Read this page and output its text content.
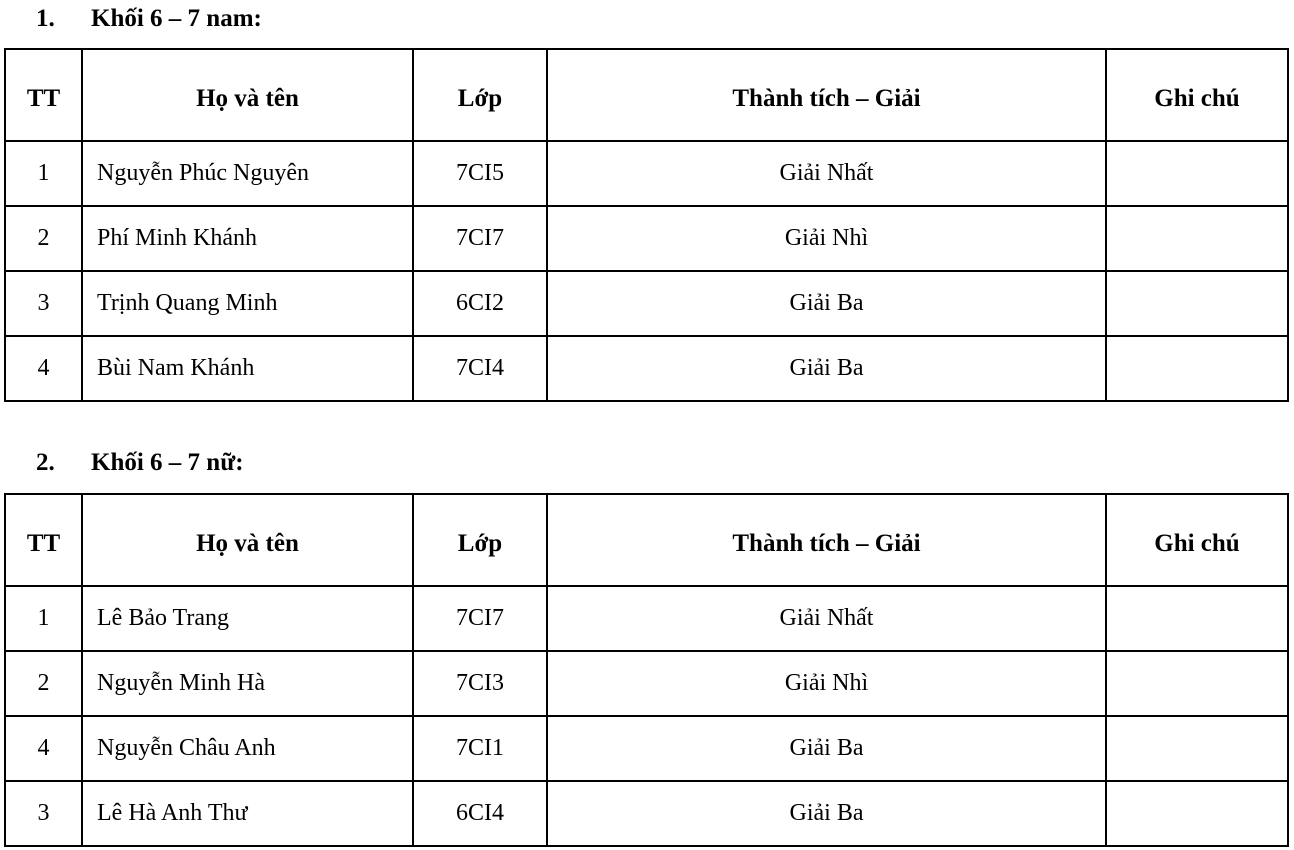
1. Khối 6 – 7 nam:
TT	Họ và tên	Lớp	Thành tích – Giải	Ghi chú
1	Nguyễn Phúc Nguyên	7CI5	Giải Nhất	
2	Phí Minh Khánh	7CI7	Giải Nhì	
3	Trịnh Quang Minh	6CI2	Giải Ba	
4	Bùi Nam Khánh	7CI4	Giải Ba	
2. Khối 6 – 7 nữ:
TT	Họ và tên	Lớp	Thành tích – Giải	Ghi chú
1	Lê Bảo Trang	7CI7	Giải Nhất	
2	Nguyễn Minh Hà	7CI3	Giải Nhì	
4	Nguyễn Châu Anh	7CI1	Giải Ba	
3	Lê Hà Anh Thư	6CI4	Giải Ba	
